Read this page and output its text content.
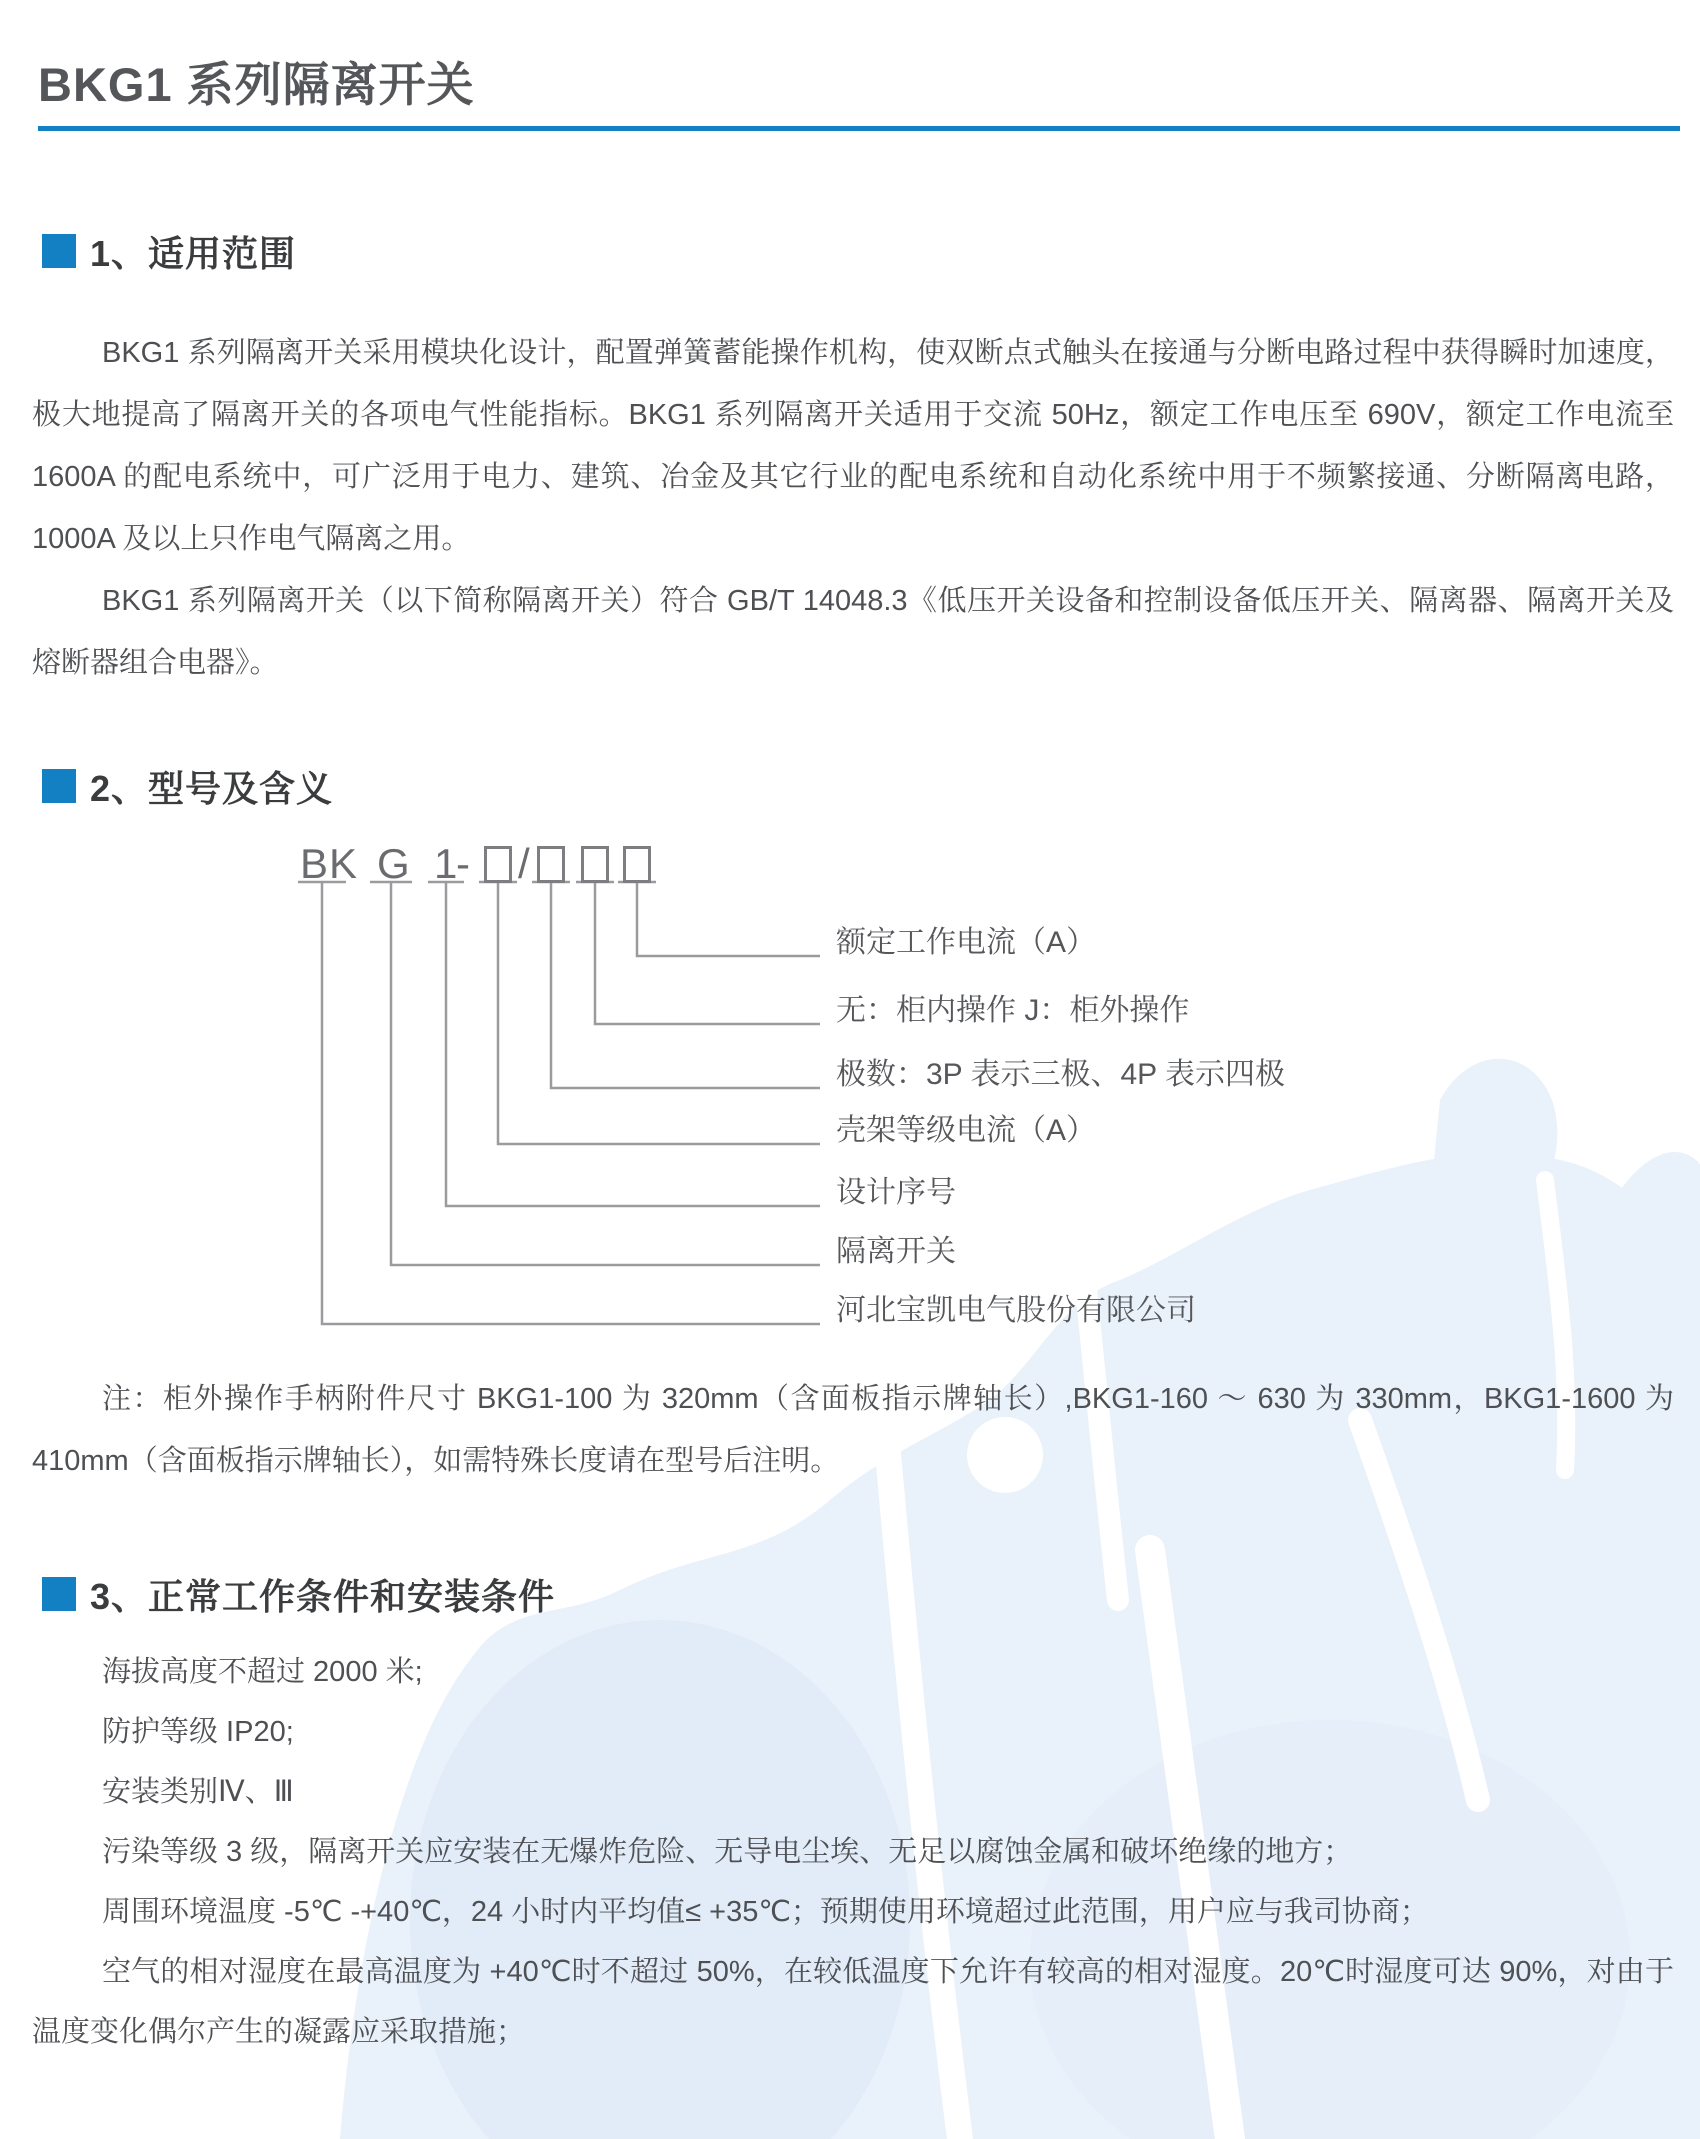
BKG1 系列隔离开关
1、适用范围

BKG1 系列隔离开关采用模块化设计，配置弹簧蓄能操作机构，使双断点式触头在接通与分断电路过程中获得瞬时加速度，极大地提高了隔离开关的各项电气性能指标。BKG1 系列隔离开关适用于交流 50Hz，额定工作电压至 690V，额定工作电流至 1600A 的配电系统中，可广泛用于电力、建筑、冶金及其它行业的配电系统和自动化系统中用于不频繁接通、分断隔离电路，1000A 及以上只作电气隔离之用。

BKG1 系列隔离开关（以下简称隔离开关）符合 GB/T 14048.3《低压开关设备和控制设备低压开关、隔离器、隔离开关及熔断器组合电器》。

2、型号及含义
BK G 1
- /
额定工作电流（A）
无：柜内操作 J：柜外操作
极数：3P 表示三极、4P 表示四极
壳架等级电流（A）
设计序号
隔离开关
河北宝凯电气股份有限公司

注：柜外操作手柄附件尺寸 BKG1-100 为 320mm（含面板指示牌轴长）,BKG1-160 ～ 630 为 330mm，BKG1-1600 为 410mm（含面板指示牌轴长），如需特殊长度请在型号后注明。

3、正常工作条件和安装条件

海拔高度不超过 2000 米;

防护等级 IP20;

安装类别Ⅳ、Ⅲ

污染等级 3 级，隔离开关应安装在无爆炸危险、无导电尘埃、无足以腐蚀金属和破坏绝缘的地方；

周围环境温度 -5℃ -+40℃，24 小时内平均值≤ +35℃；预期使用环境超过此范围，用户应与我司协商；

空气的相对湿度在最高温度为 +40℃时不超过 50%，在较低温度下允许有较高的相对湿度。20℃时湿度可达 90%，对由于温度变化偶尔产生的凝露应采取措施；
